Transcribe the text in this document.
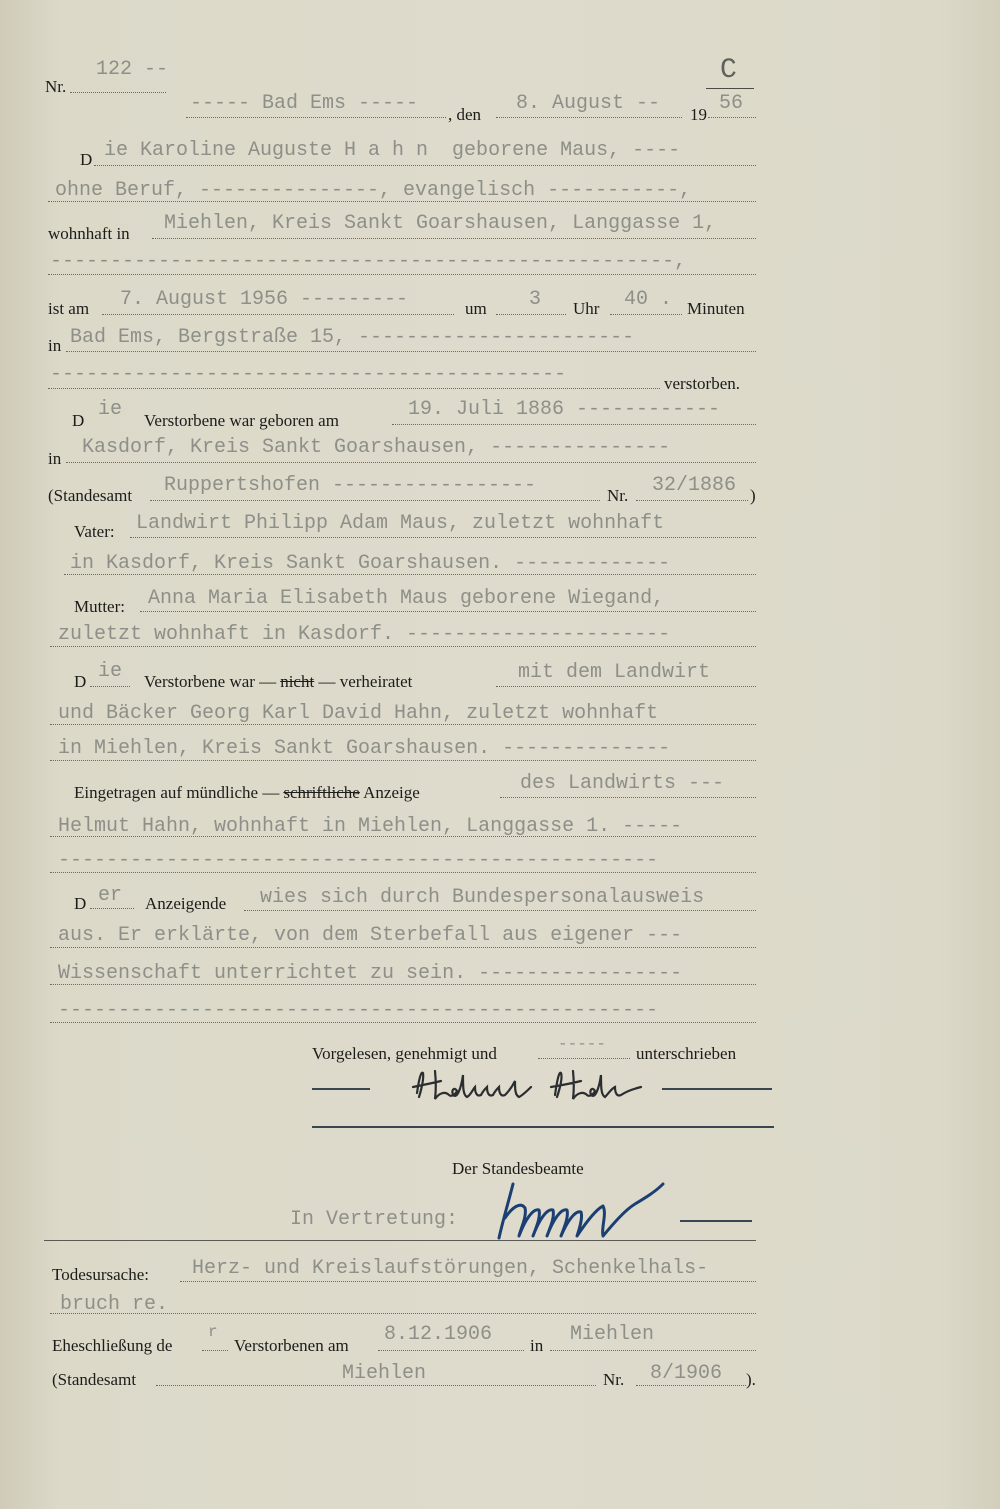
Nr.
122 --	C
----- Bad Ems ----- , den 8. August -- 19 56
D ie Karoline Auguste H a h n  geborene Maus, ----
ohne Beruf, ---------------, evangelisch -----------,
wohnhaft in Miehlen, Kreis Sankt Goarshausen, Langgasse 1,
----------------------------------------------------,
ist am 7. August 1956 ---------	um 3 Uhr 40 . Minuten
in Bad Ems, Bergstraße 15, -----------------------
-------------------------------------------	verstorben.
D ie Verstorbene war geboren am	19. Juli 1886 ------------
in Kasdorf, Kreis Sankt Goarshausen, ---------------
(Standesamt Ruppertshofen -----------------	Nr. 32/1886 )
Vater: Landwirt Philipp Adam Maus, zuletzt wohnhaft
in Kasdorf, Kreis Sankt Goarshausen. -------------
Mutter: Anna Maria Elisabeth Maus geborene Wiegand,
zuletzt wohnhaft in Kasdorf. ----------------------
D ie Verstorbene war — nicht — verheiratet	mit dem Landwirt
und Bäcker Georg Karl David Hahn, zuletzt wohnhaft
in Miehlen, Kreis Sankt Goarshausen. --------------
Eingetragen auf mündliche — schriftliche Anzeige	des Landwirts ---
Helmut Hahn, wohnhaft in Miehlen, Langgasse 1. -----
--------------------------------------------------
D er Anzeigende wies sich durch Bundespersonalausweis
aus. Er erklärte, von dem Sterbefall aus eigener ---
Wissenschaft unterrichtet zu sein. -----------------
--------------------------------------------------
Vorgelesen, genehmigt und	----- unterschrieben
Der Standesbeamte
In Vertretung:
Todesursache: Herz- und Kreislaufstörungen, Schenkelhals-
bruch re.
Eheschließung de
r
Verstorbenen am 8.12.1906 in Miehlen
(Standesamt	Miehlen	Nr. 8/1906 ).
